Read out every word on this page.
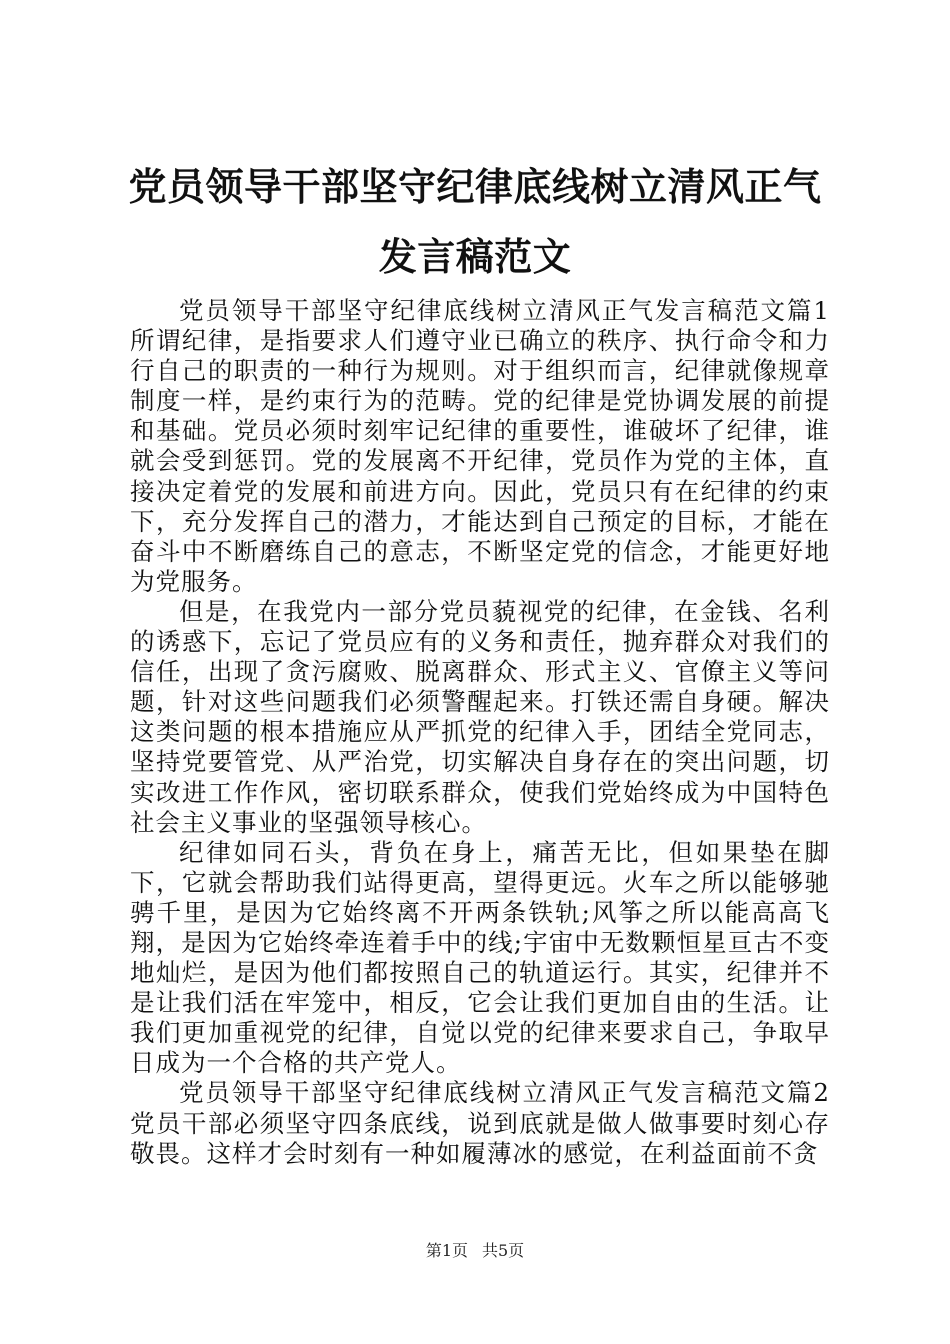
党员领导干部坚守纪律底线树立清风正气发言稿范文

党员领导干部坚守纪律底线树立清风正气发言稿范文篇1所谓纪律，是指要求人们遵守业已确立的秩序、执行命令和力行自己的职责的一种行为规则。对于组织而言，纪律就像规章制度一样，是约束行为的范畴。党的纪律是党协调发展的前提和基础。党员必须时刻牢记纪律的重要性，谁破坏了纪律，谁就会受到惩罚。党的发展离不开纪律，党员作为党的主体，直接决定着党的发展和前进方向。因此，党员只有在纪律的约束下，充分发挥自己的潜力，才能达到自己预定的目标，才能在奋斗中不断磨练自己的意志，不断坚定党的信念，才能更好地为党服务。

但是，在我党内一部分党员藐视党的纪律，在金钱、名利的诱惑下，忘记了党员应有的义务和责任，抛弃群众对我们的信任，出现了贪污腐败、脱离群众、形式主义、官僚主义等问题，针对这些问题我们必须警醒起来。打铁还需自身硬。解决这类问题的根本措施应从严抓党的纪律入手，团结全党同志，坚持党要管党、从严治党，切实解决自身存在的突出问题，切实改进工作作风，密切联系群众，使我们党始终成为中国特色社会主义事业的坚强领导核心。

纪律如同石头，背负在身上，痛苦无比，但如果垫在脚下，它就会帮助我们站得更高，望得更远。火车之所以能够驰骋千里，是因为它始终离不开两条铁轨;风筝之所以能高高飞翔，是因为它始终牵连着手中的线;宇宙中无数颗恒星亘古不变地灿烂，是因为他们都按照自己的轨道运行。其实，纪律并不是让我们活在牢笼中，相反，它会让我们更加自由的生活。让我们更加重视党的纪律，自觉以党的纪律来要求自己，争取早日成为一个合格的共产党人。

党员领导干部坚守纪律底线树立清风正气发言稿范文篇2党员干部必须坚守四条底线，说到底就是做人做事要时刻心存敬畏。这样才会时刻有一种如履薄冰的感觉，在利益面前不贪

第1页 共5页
